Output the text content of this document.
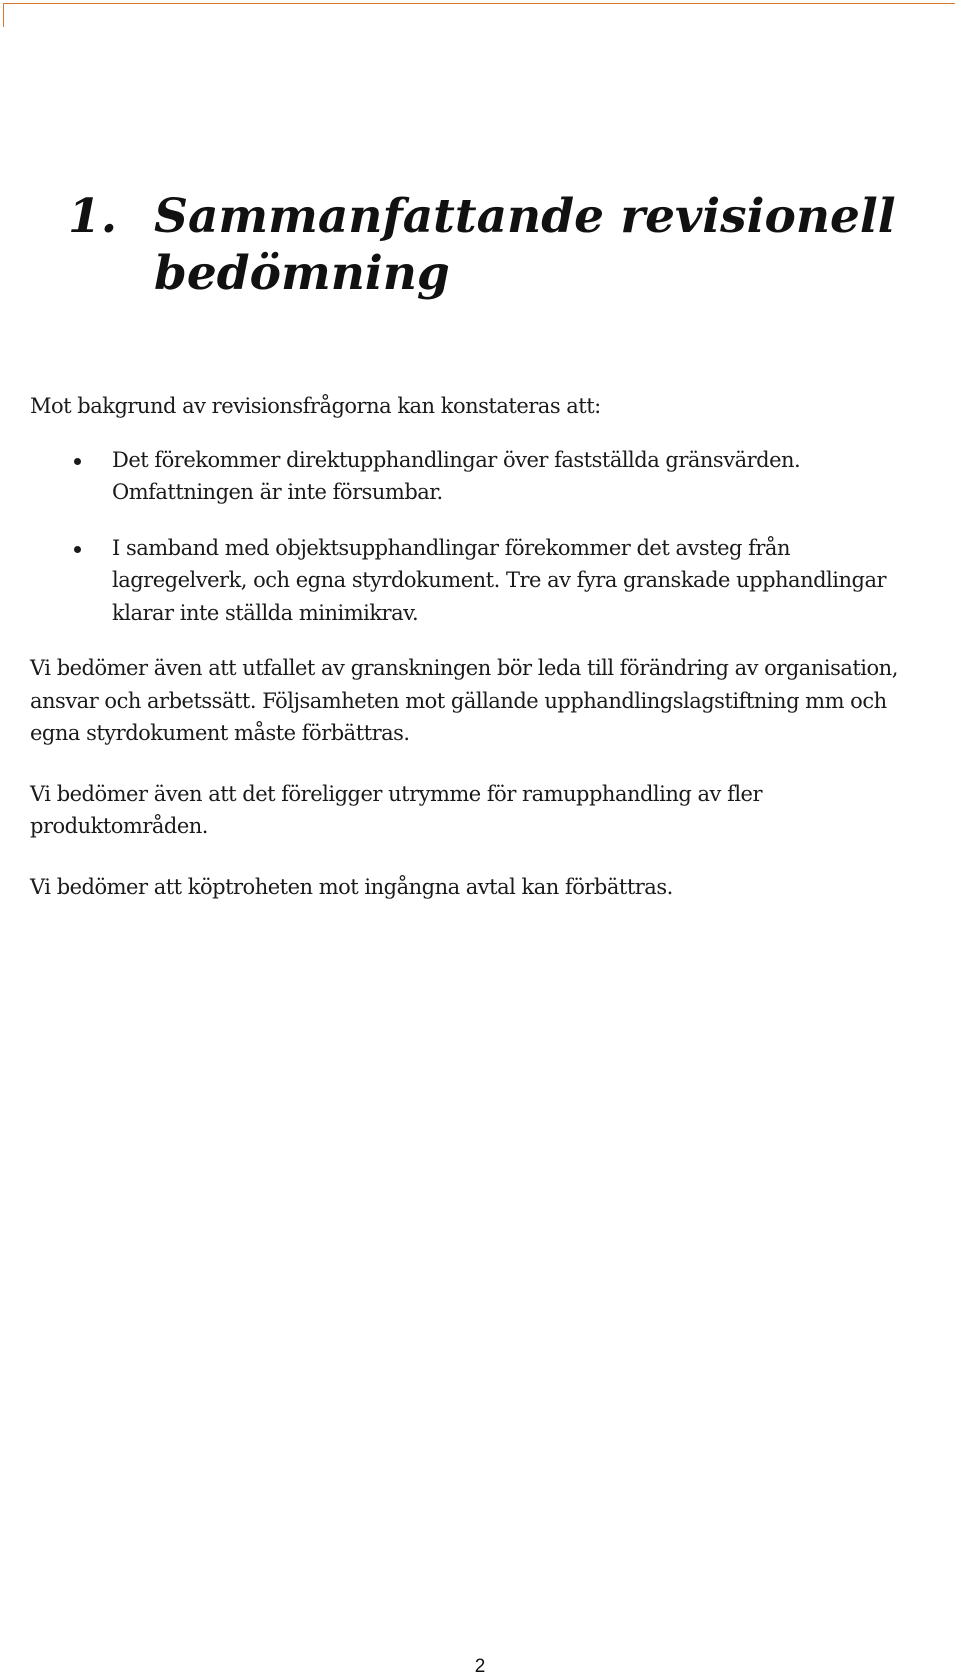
1. Sammanfattande revisionell bedömning

Mot bakgrund av revisionsfrågorna kan konstateras att:

Det förekommer direktupphandlingar över fastställda gränsvärden. Omfattningen är inte försumbar.
I samband med objektsupphandlingar förekommer det avsteg från lagregelverk, och egna styrdokument. Tre av fyra granskade upphandlingar klarar inte ställda minimikrav.

Vi bedömer även att utfallet av granskningen bör leda till förändring av organisation, ansvar och arbetssätt. Följsamheten mot gällande upphandlingslagstiftning mm och egna styrdokument måste förbättras.

Vi bedömer även att det föreligger utrymme för ramupphandling av fler produktområden.

Vi bedömer att köptroheten mot ingångna avtal kan förbättras.

2
